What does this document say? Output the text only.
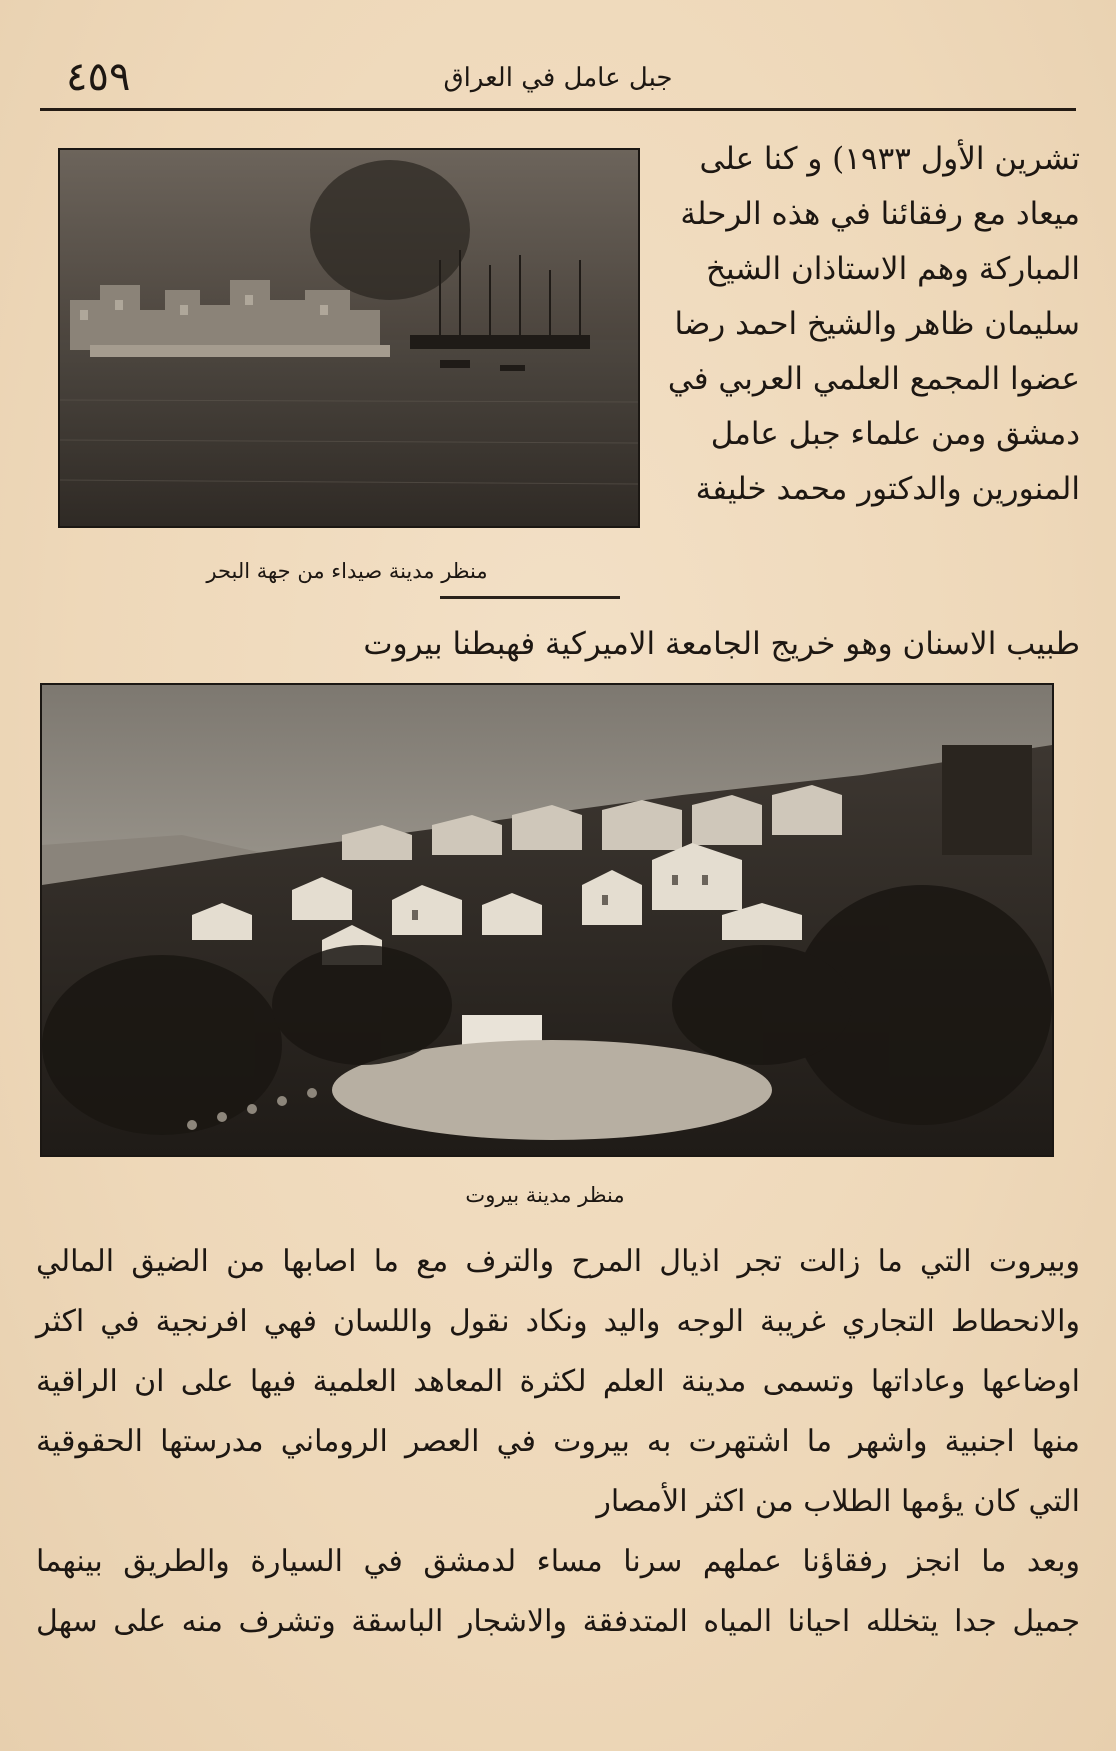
٤٥٩	جبل عامل في العراق
تشرين الأول ١٩٣٣) و كنا على
ميعاد مع رفقائنا في هذه الرحلة
المباركة وهم الاستاذان الشيخ
سليمان ظاهر والشيخ احمد رضا
عضوا المجمع العلمي العربي في
دمشق ومن علماء جبل عامل
المنورين والدكتور محمد خليفة
منظر مدينة صيداء من جهة البحر
طبيب الاسنان وهو خريج الجامعة الاميركية فهبطنا بيروت
منظر مدينة بيروت
وبيروت التي ما زالت تجر اذيال المرح والترف مع ما اصابها من الضيق المالي
والانحطاط التجاري غريبة الوجه واليد ونكاد نقول واللسان فهي افرنجية في اكثر
اوضاعها وعاداتها وتسمى مدينة العلم لكثرة المعاهد العلمية فيها على ان الراقية
منها اجنبية واشهر ما اشتهرت به بيروت في العصر الروماني مدرستها الحقوقية
التي كان يؤمها الطلاب من اكثر الأمصار
وبعد ما انجز رفقاؤنا عملهم سرنا مساء لدمشق في السيارة والطريق بينهما
جميل جدا يتخلله احيانا المياه المتدفقة والاشجار الباسقة وتشرف منه على سهل
